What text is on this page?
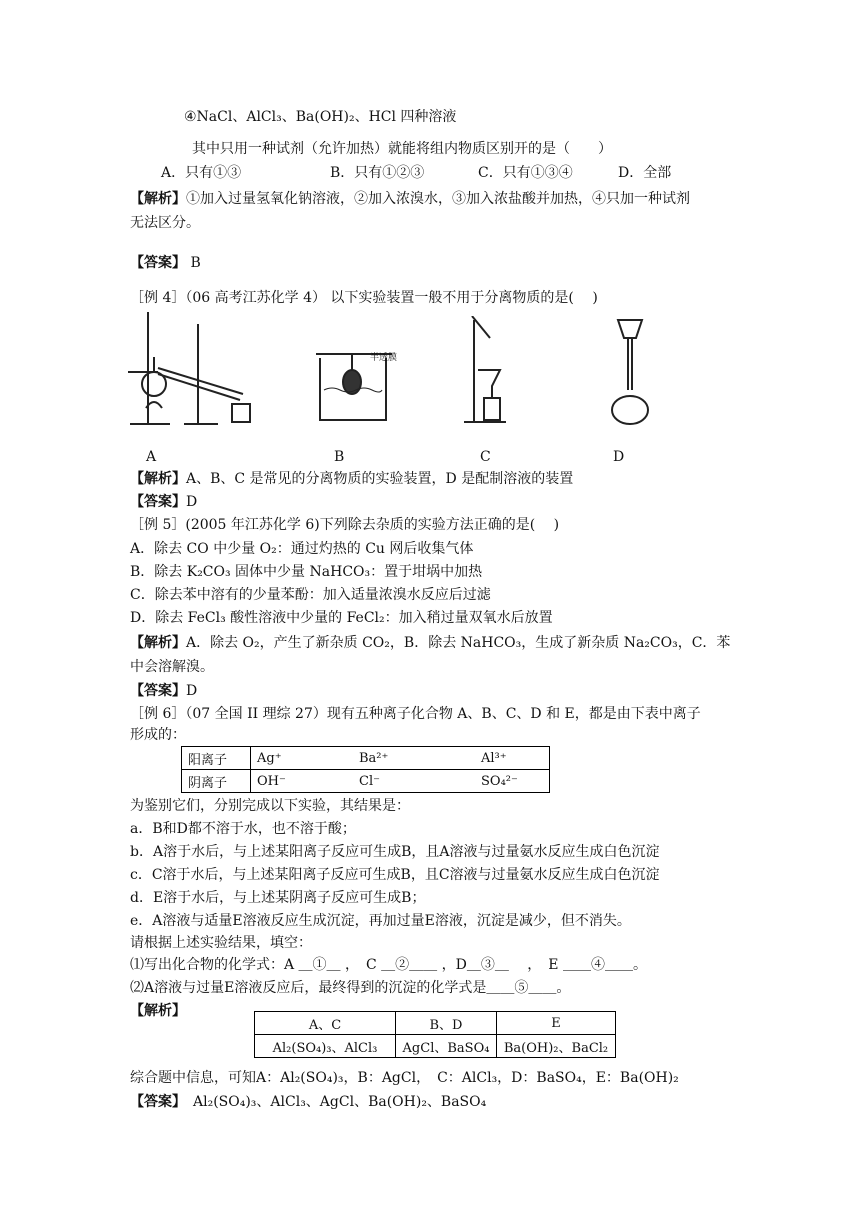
④NaCl、AlCl₃、Ba(OH)₂、HCl 四种溶液
其中只用一种试剂（允许加热）就能将组内物质区别开的是（　　）
A．只有①③	B．只有①②③	C．只有①③④	D．全部
【解析】①加入过量氢氧化钠溶液，②加入浓溴水，③加入浓盐酸并加热，④只加一种试剂
无法区分。
【答案】 B
［例 4］（06 高考江苏化学 4） 以下实验装置一般不用于分离物质的是(　 )
半透膜
A	B	C	D
【解析】A、B、C 是常见的分离物质的实验装置，D 是配制溶液的装置
【答案】D
［例 5］(2005 年江苏化学 6)下列除去杂质的实验方法正确的是(　 )
A．除去 CO 中少量 O₂：通过灼热的 Cu 网后收集气体
B．除去 K₂CO₃ 固体中少量 NaHCO₃：置于坩埚中加热
C．除去苯中溶有的少量苯酚：加入适量浓溴水反应后过滤
D．除去 FeCl₃ 酸性溶液中少量的 FeCl₂：加入稍过量双氧水后放置
【解析】A．除去 O₂，产生了新杂质 CO₂，B．除去 NaHCO₃，生成了新杂质 Na₂CO₃，C．苯
中会溶解溴。
【答案】D
［例 6］（07 全国 II 理综 27）现有五种离子化合物 A、B、C、D 和 E，都是由下表中离子
形成的：
阳离子	Ag⁺	Ba²⁺	Al³⁺
阴离子	OH⁻	Cl⁻	SO₄²⁻
为鉴别它们，分别完成以下实验，其结果是：
a．B和D都不溶于水，也不溶于酸；
b．A溶于水后，与上述某阳离子反应可生成B，且A溶液与过量氨水反应生成白色沉淀
c．C溶于水后，与上述某阳离子反应可生成B，且C溶液与过量氨水反应生成白色沉淀
d．E溶于水后，与上述某阴离子反应可生成B；
e．A溶液与适量E溶液反应生成沉淀，再加过量E溶液，沉淀是减少，但不消失。
请根据上述实验结果，填空：
⑴写出化合物的化学式：A ＿①＿ ，　C ＿②＿＿ ，D＿③＿　 ，　E ＿＿④＿＿。
⑵A溶液与过量E溶液反应后，最终得到的沉淀的化学式是＿＿⑤＿＿。
【解析】
A、C	B、D	E
Al₂(SO₄)₃、AlCl₃	AgCl、BaSO₄	Ba(OH)₂、BaCl₂
综合题中信息，可知A：Al₂(SO₄)₃，B：AgCl，　C：AlCl₃，D：BaSO₄，E：Ba(OH)₂
【答案】　 Al₂(SO₄)₃、AlCl₃、AgCl、Ba(OH)₂、BaSO₄
